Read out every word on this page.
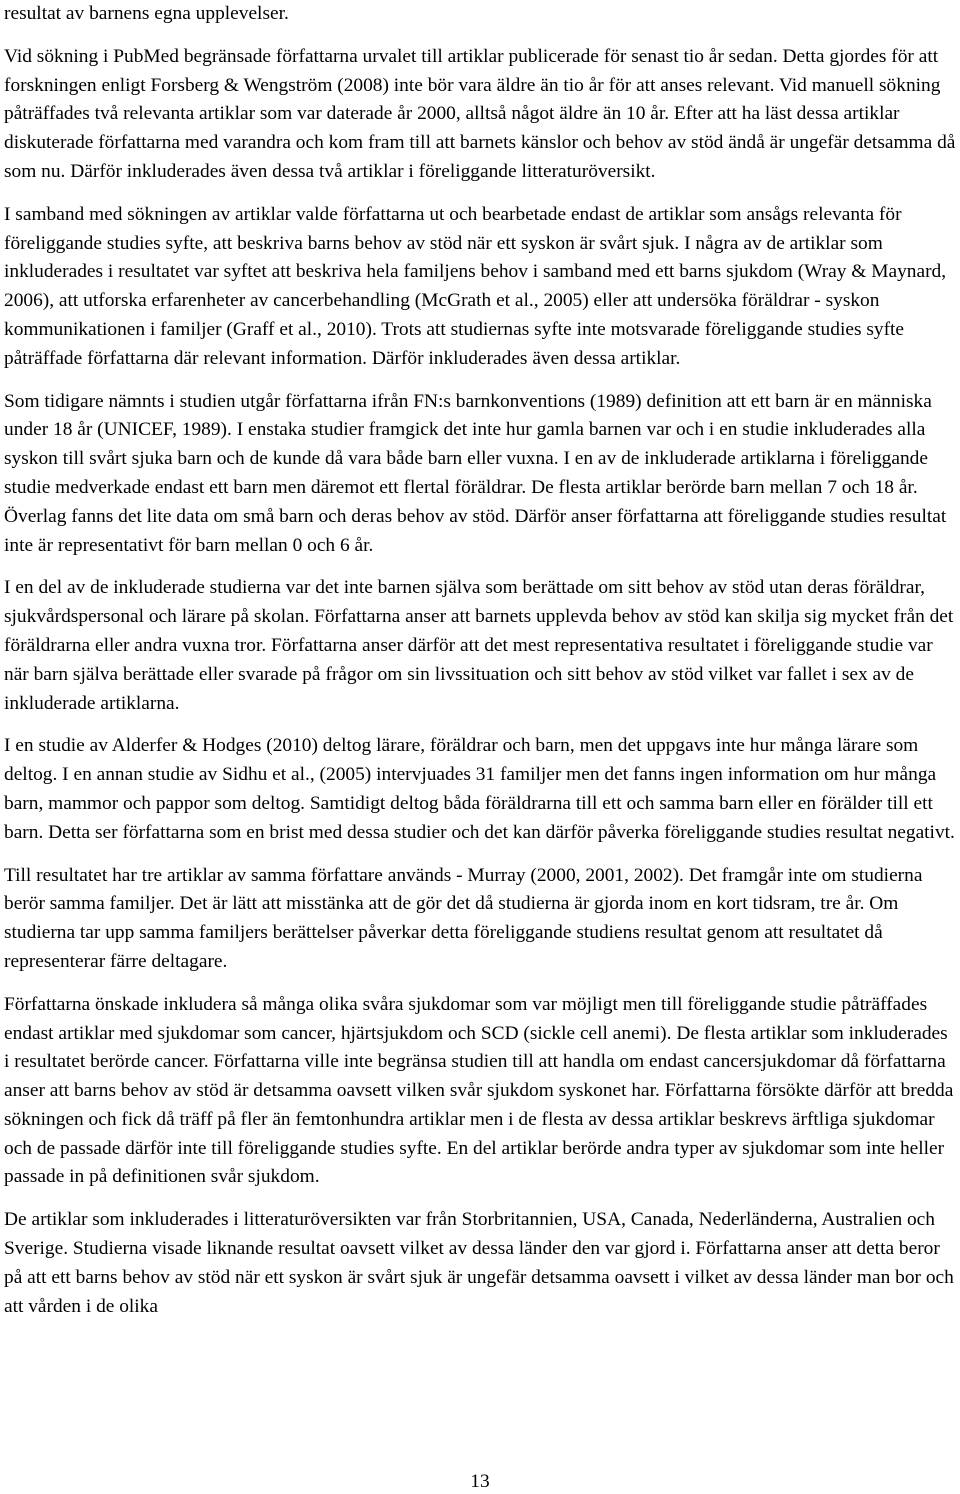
resultat av barnens egna upplevelser.

Vid sökning i PubMed begränsade författarna urvalet till artiklar publicerade för senast tio år sedan. Detta gjordes för att forskningen enligt Forsberg & Wengström (2008) inte bör vara äldre än tio år för att anses relevant. Vid manuell sökning påträffades två relevanta artiklar som var daterade år 2000, alltså något äldre än 10 år. Efter att ha läst dessa artiklar diskuterade författarna med varandra och kom fram till att barnets känslor och behov av stöd ändå är ungefär detsamma då som nu. Därför inkluderades även dessa två artiklar i föreliggande litteraturöversikt.

I samband med sökningen av artiklar valde författarna ut och bearbetade endast de artiklar som ansågs relevanta för föreliggande studies syfte, att beskriva barns behov av stöd när ett syskon är svårt sjuk. I några av de artiklar som inkluderades i resultatet var syftet att beskriva hela familjens behov i samband med ett barns sjukdom (Wray & Maynard, 2006), att utforska erfarenheter av cancerbehandling (McGrath et al., 2005) eller att undersöka föräldrar - syskon kommunikationen i familjer (Graff et al., 2010). Trots att studiernas syfte inte motsvarade föreliggande studies syfte påträffade författarna där relevant information. Därför inkluderades även dessa artiklar.

Som tidigare nämnts i studien utgår författarna ifrån FN:s barnkonventions (1989) definition att ett barn är en människa under 18 år (UNICEF, 1989). I enstaka studier framgick det inte hur gamla barnen var och i en studie inkluderades alla syskon till svårt sjuka barn och de kunde då vara både barn eller vuxna. I en av de inkluderade artiklarna i föreliggande studie medverkade endast ett barn men däremot ett flertal föräldrar. De flesta artiklar berörde barn mellan 7 och 18 år. Överlag fanns det lite data om små barn och deras behov av stöd. Därför anser författarna att föreliggande studies resultat inte är representativt för barn mellan 0 och 6 år.

I en del av de inkluderade studierna var det inte barnen själva som berättade om sitt behov av stöd utan deras föräldrar, sjukvårdspersonal och lärare på skolan. Författarna anser att barnets upplevda behov av stöd kan skilja sig mycket från det föräldrarna eller andra vuxna tror. Författarna anser därför att det mest representativa resultatet i föreliggande studie var när barn själva berättade eller svarade på frågor om sin livssituation och sitt behov av stöd vilket var fallet i sex av de inkluderade artiklarna.

I en studie av Alderfer & Hodges (2010) deltog lärare, föräldrar och barn, men det uppgavs inte hur många lärare som deltog. I en annan studie av Sidhu et al., (2005) intervjuades 31 familjer men det fanns ingen information om hur många barn, mammor och pappor som deltog. Samtidigt deltog båda föräldrarna till ett och samma barn eller en förälder till ett barn. Detta ser författarna som en brist med dessa studier och det kan därför påverka föreliggande studies resultat negativt.

Till resultatet har tre artiklar av samma författare används - Murray (2000, 2001, 2002). Det framgår inte om studierna berör samma familjer. Det är lätt att misstänka att de gör det då studierna är gjorda inom en kort tidsram, tre år. Om studierna tar upp samma familjers berättelser påverkar detta föreliggande studiens resultat genom att resultatet då representerar färre deltagare.

Författarna önskade inkludera så många olika svåra sjukdomar som var möjligt men till föreliggande studie påträffades endast artiklar med sjukdomar som cancer, hjärtsjukdom och SCD (sickle cell anemi). De flesta artiklar som inkluderades i resultatet berörde cancer. Författarna ville inte begränsa studien till att handla om endast cancersjukdomar då författarna anser att barns behov av stöd är detsamma oavsett vilken svår sjukdom syskonet har. Författarna försökte därför att bredda sökningen och fick då träff på fler än femtonhundra artiklar men i de flesta av dessa artiklar beskrevs ärftliga sjukdomar och de passade därför inte till föreliggande studies syfte. En del artiklar berörde andra typer av sjukdomar som inte heller passade in på definitionen svår sjukdom.

De artiklar som inkluderades i litteraturöversikten var från Storbritannien, USA, Canada, Nederländerna, Australien och Sverige. Studierna visade liknande resultat oavsett vilket av dessa länder den var gjord i. Författarna anser att detta beror på att ett barns behov av stöd när ett syskon är svårt sjuk är ungefär detsamma oavsett i vilket av dessa länder man bor och att vården i de olika

13
